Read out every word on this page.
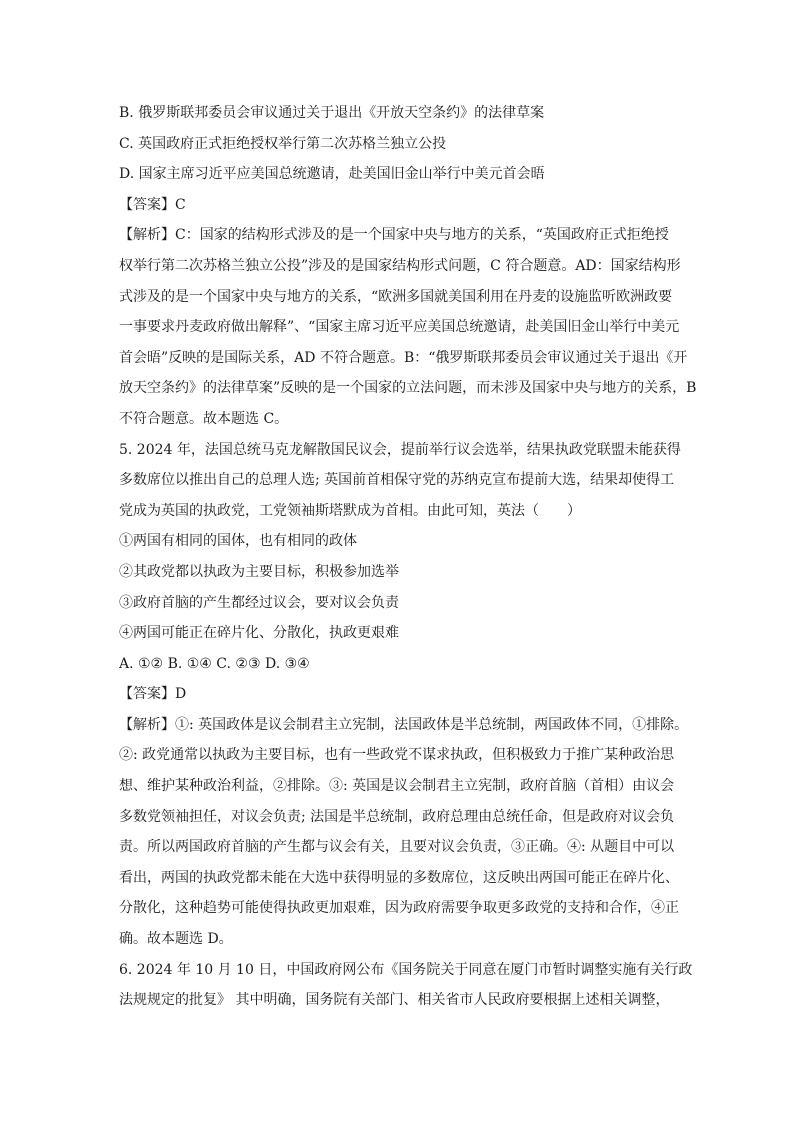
B. 俄罗斯联邦委员会审议通过关于退出《开放天空条约》的法律草案
C. 英国政府正式拒绝授权举行第二次苏格兰独立公投
D. 国家主席习近平应美国总统邀请，赴美国旧金山举行中美元首会晤
【答案】C
【解析】C：国家的结构形式涉及的是一个国家中央与地方的关系，“英国政府正式拒绝授
权举行第二次苏格兰独立公投”涉及的是国家结构形式问题，C 符合题意。AD：国家结构形
式涉及的是一个国家中央与地方的关系，“欧洲多国就美国利用在丹麦的设施监听欧洲政要
一事要求丹麦政府做出解释”、“国家主席习近平应美国总统邀请，赴美国旧金山举行中美元
首会晤”反映的是国际关系，AD 不符合题意。B：“俄罗斯联邦委员会审议通过关于退出《开
放天空条约》的法律草案”反映的是一个国家的立法问题，而未涉及国家中央与地方的关系，B
不符合题意。故本题选 C。
5. 2024 年，法国总统马克龙解散国民议会，提前举行议会选举，结果执政党联盟未能获得
多数席位以推出自己的总理人选; 英国前首相保守党的苏纳克宣布提前大选，结果却使得工
党成为英国的执政党，工党领袖斯塔默成为首相。由此可知，英法（　　）
①两国有相同的国体，也有相同的政体
②其政党都以执政为主要目标，积极参加选举
③政府首脑的产生都经过议会，要对议会负责
④两国可能正在碎片化、分散化，执政更艰难
A. ①② B. ①④ C. ②③ D. ③④
【答案】D
【解析】①: 英国政体是议会制君主立宪制，法国政体是半总统制，两国政体不同，①排除。
②: 政党通常以执政为主要目标，也有一些政党不谋求执政，但积极致力于推广某种政治思
想、维护某种政治利益，②排除。③: 英国是议会制君主立宪制，政府首脑（首相）由议会
多数党领袖担任，对议会负责; 法国是半总统制，政府总理由总统任命，但是政府对议会负
责。所以两国政府首脑的产生都与议会有关，且要对议会负责，③正确。④: 从题目中可以
看出，两国的执政党都未能在大选中获得明显的多数席位，这反映出两国可能正在碎片化、
分散化，这种趋势可能使得执政更加艰难，因为政府需要争取更多政党的支持和合作，④正
确。故本题选 D。
6. 2024 年 10 月 10 日，中国政府网公布《国务院关于同意在厦门市暂时调整实施有关行政
法规规定的批复》 其中明确，国务院有关部门、相关省市人民政府要根据上述相关调整，
